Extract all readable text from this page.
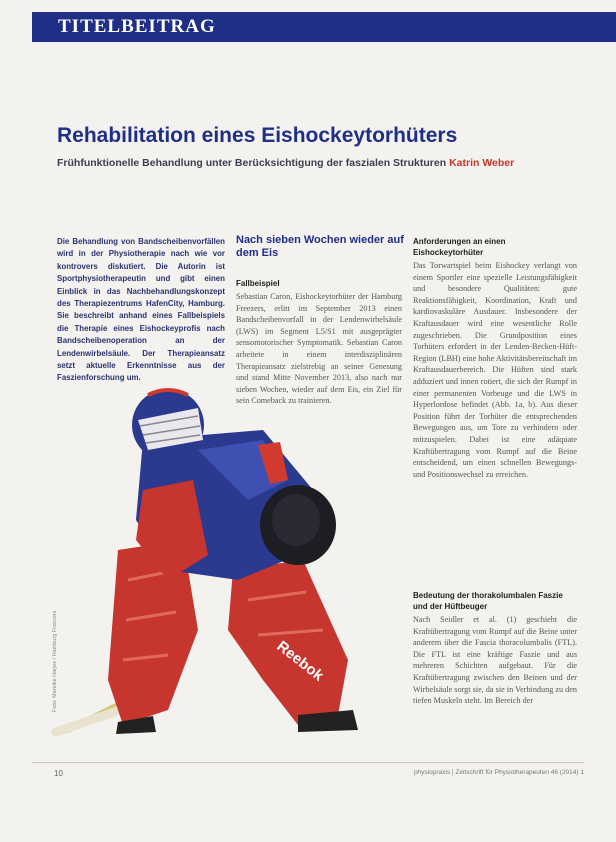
TITELBEITRAG
Rehabilitation eines Eishockeytorhüters

Frühfunktionelle Behandlung unter Berücksichtigung der faszialen Strukturen Katrin Weber

Die Behandlung von Bandscheibenvorfällen wird in der Physiotherapie nach wie vor kontrovers diskutiert. Die Autorin ist Sportphysiotherapeutin und gibt einen Einblick in das Nachbehandlungskonzept des Therapiezentrums HafenCity, Hamburg. Sie beschreibt anhand eines Fallbeispiels die Therapie eines Eishockeyprofis nach Bandscheibenoperation an der Lendenwirbelsäule. Der Therapieansatz setzt aktuelle Erkenntnisse aus der Faszienforschung um.

Nach sieben Wochen wieder auf dem Eis
Fallbeispiel

Sebastian Caron, Eishockeytorhüter der Hamburg Freezers, erlitt im September 2013 einen Bandscheibenvorfall in der Lendenwirbelsäule (LWS) im Segment L5/S1 mit ausgeprägter sensomotorischer Symptomatik. Sebastian Caron arbeitete in einem interdisziplinären Therapieansatz zielstrebig an seiner Genesung und stand Mitte November 2013, also nach nur sieben Wochen, wieder auf dem Eis, ein Ziel für sein Comeback zu trainieren.

Anforderungen an einen Eishockeytorhüter

Das Torwartspiel beim Eishockey verlangt von einem Sportler eine spezielle Leistungsfähigkeit und besondere Qualitäten: gute Reaktionsfähigkeit, Koordination, Kraft und kardiovaskuläre Ausdauer. Insbesondere der Kraftausdauer wird eine wesentliche Rolle zugeschrieben. Die Grundposition eines Torhüters erfordert in der Lenden-Becken-Hüft-Region (LBH) eine hohe Aktivitätsbereitschaft im Kraftausdauerbereich. Die Hüften sind stark adduziert und innen rotiert, die sich der Rumpf in einer permanenten Vorbeuge und die LWS in Hyperlordose befindet (Abb. 1a, b). Aus dieser Position führt der Torhüter die entsprechenden Bewegungen aus, um Tore zu verhindern oder mitzuspielen. Dabei ist eine adäquate Kraftübertragung vom Rumpf auf die Beine entscheidend, um einen schnellen Bewegungs- und Positionswechsel zu erreichen.

Bedeutung der thorakolumbalen Faszie und der Hüftbeuger

Nach Seidler et al. (1) geschieht die Kraftübertragung vom Rumpf auf die Beine unter anderem über die Fascia thoracolumbalis (FTL). Die FTL ist eine kräftige Faszie und aus mehreren Schichten aufgebaut. Für die Kraftübertragung zwischen den Beinen und der Wirbelsäule sorgt sie, da sie in Verbindung zu den tiefen Muskeln steht. Im Bereich der

Reebok
Foto: Mareike Harjes / Hamburg Freezers
10	physiopraxis | Zeitschrift für Physiotherapeuten 46 (2014) 1
